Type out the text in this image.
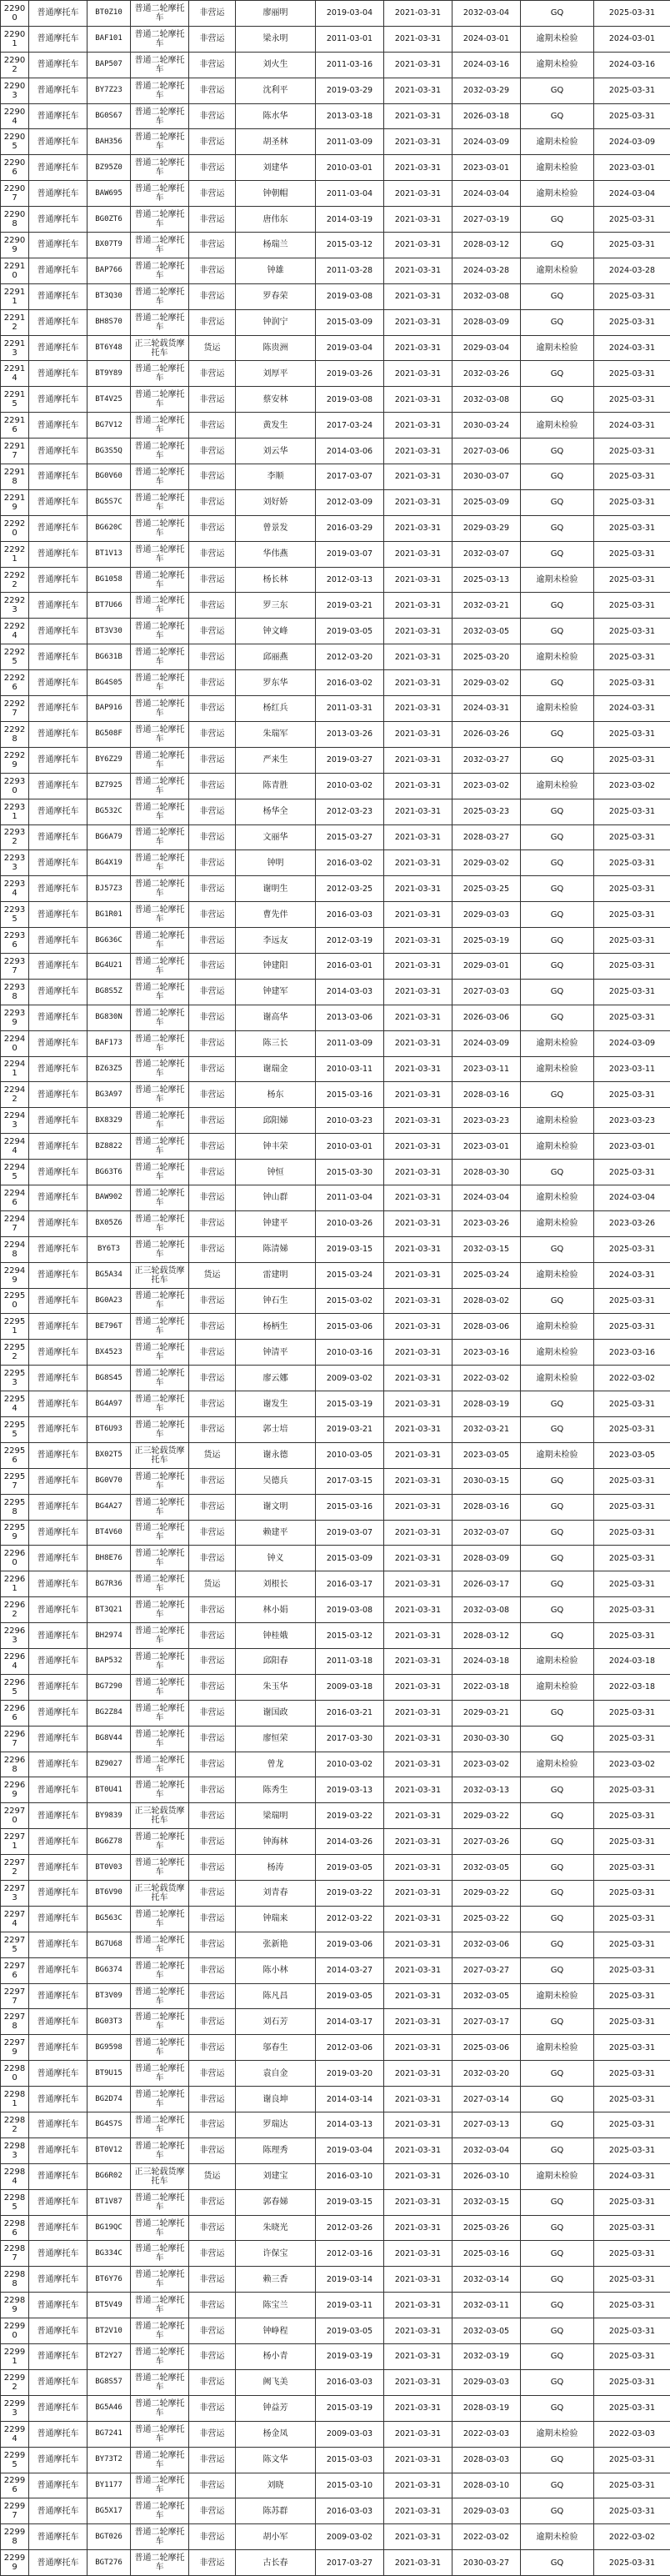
22900	普通摩托车	BT0Z10	普通二轮摩托车	非营运	廖丽明	2019-03-04	2021-03-31	2032-03-04	GQ	2025-03-31
22901	普通摩托车	BAF101	普通二轮摩托车	非营运	梁永明	2011-03-01	2021-03-31	2024-03-01	逾期未检验	2024-03-01
22902	普通摩托车	BAP507	普通二轮摩托车	非营运	刘火生	2011-03-16	2021-03-31	2024-03-16	逾期未检验	2024-03-16
22903	普通摩托车	BY7Z23	普通二轮摩托车	非营运	沈利平	2019-03-29	2021-03-31	2032-03-29	GQ	2025-03-31
22904	普通摩托车	BG0S67	普通二轮摩托车	非营运	陈水华	2013-03-18	2021-03-31	2026-03-18	GQ	2025-03-31
22905	普通摩托车	BAH356	普通二轮摩托车	非营运	胡圣林	2011-03-09	2021-03-31	2024-03-09	逾期未检验	2024-03-09
22906	普通摩托车	BZ95Z0	普通二轮摩托车	非营运	刘建华	2010-03-01	2021-03-31	2023-03-01	逾期未检验	2023-03-01
22907	普通摩托车	BAW695	普通二轮摩托车	非营运	钟朝帽	2011-03-04	2021-03-31	2024-03-04	逾期未检验	2024-03-04
22908	普通摩托车	BG0ZT6	普通二轮摩托车	非营运	唐伟东	2014-03-19	2021-03-31	2027-03-19	GQ	2025-03-31
22909	普通摩托车	BX07T9	普通二轮摩托车	非营运	杨瑞兰	2015-03-12	2021-03-31	2028-03-12	GQ	2025-03-31
22910	普通摩托车	BAP766	普通二轮摩托车	非营运	钟雄	2011-03-28	2021-03-31	2024-03-28	逾期未检验	2024-03-28
22911	普通摩托车	BT3Q30	普通二轮摩托车	非营运	罗春荣	2019-03-08	2021-03-31	2032-03-08	GQ	2025-03-31
22912	普通摩托车	BH8S70	普通二轮摩托车	非营运	钟润宁	2015-03-09	2021-03-31	2028-03-09	GQ	2025-03-31
22913	普通摩托车	BT6Y48	正三轮载货摩托车	货运	陈贵洲	2019-03-04	2021-03-31	2029-03-04	逾期未检验	2024-03-31
22914	普通摩托车	BT9Y89	普通二轮摩托车	非营运	刘厚平	2019-03-26	2021-03-31	2032-03-26	GQ	2025-03-31
22915	普通摩托车	BT4V25	普通二轮摩托车	非营运	蔡安林	2019-03-08	2021-03-31	2032-03-08	GQ	2025-03-31
22916	普通摩托车	BG7V12	普通二轮摩托车	非营运	黄发生	2017-03-24	2021-03-31	2030-03-24	逾期未检验	2024-03-31
22917	普通摩托车	BG3S5Q	普通二轮摩托车	非营运	刘云华	2014-03-06	2021-03-31	2027-03-06	GQ	2025-03-31
22918	普通摩托车	BG0V60	普通二轮摩托车	非营运	李顺	2017-03-07	2021-03-31	2030-03-07	GQ	2025-03-31
22919	普通摩托车	BG5S7C	普通二轮摩托车	非营运	刘好娇	2012-03-09	2021-03-31	2025-03-09	GQ	2025-03-31
22920	普通摩托车	BG620C	普通二轮摩托车	非营运	曾景发	2016-03-29	2021-03-31	2029-03-29	GQ	2025-03-31
22921	普通摩托车	BT1V13	普通二轮摩托车	非营运	华伟燕	2019-03-07	2021-03-31	2032-03-07	GQ	2025-03-31
22922	普通摩托车	BG1058	普通二轮摩托车	非营运	杨长林	2012-03-13	2021-03-31	2025-03-13	逾期未检验	2025-03-31
22923	普通摩托车	BT7U66	普通二轮摩托车	非营运	罗三东	2019-03-21	2021-03-31	2032-03-21	GQ	2025-03-31
22924	普通摩托车	BT3V30	普通二轮摩托车	非营运	钟文峰	2019-03-05	2021-03-31	2032-03-05	GQ	2025-03-31
22925	普通摩托车	BG631B	普通二轮摩托车	非营运	邱丽燕	2012-03-20	2021-03-31	2025-03-20	逾期未检验	2025-03-31
22926	普通摩托车	BG4S05	普通二轮摩托车	非营运	罗东华	2016-03-02	2021-03-31	2029-03-02	GQ	2025-03-31
22927	普通摩托车	BAP916	普通二轮摩托车	非营运	杨红兵	2011-03-31	2021-03-31	2024-03-31	逾期未检验	2024-03-31
22928	普通摩托车	BG508F	普通二轮摩托车	非营运	朱瑞军	2013-03-26	2021-03-31	2026-03-26	GQ	2025-03-31
22929	普通摩托车	BY6Z29	普通二轮摩托车	非营运	严来生	2019-03-27	2021-03-31	2032-03-27	GQ	2025-03-31
22930	普通摩托车	BZ7925	普通二轮摩托车	非营运	陈青胜	2010-03-02	2021-03-31	2023-03-02	逾期未检验	2023-03-02
22931	普通摩托车	BG532C	普通二轮摩托车	非营运	杨华全	2012-03-23	2021-03-31	2025-03-23	GQ	2025-03-31
22932	普通摩托车	BG6A79	普通二轮摩托车	非营运	文丽华	2015-03-27	2021-03-31	2028-03-27	GQ	2025-03-31
22933	普通摩托车	BG4X19	普通二轮摩托车	非营运	钟明	2016-03-02	2021-03-31	2029-03-02	GQ	2025-03-31
22934	普通摩托车	BJ57Z3	普通二轮摩托车	非营运	谢明生	2012-03-25	2021-03-31	2025-03-25	GQ	2025-03-31
22935	普通摩托车	BG1R01	普通二轮摩托车	非营运	曹先伴	2016-03-03	2021-03-31	2029-03-03	GQ	2025-03-31
22936	普通摩托车	BG636C	普通二轮摩托车	非营运	李远友	2012-03-19	2021-03-31	2025-03-19	GQ	2025-03-31
22937	普通摩托车	BG4U21	普通二轮摩托车	非营运	钟建阳	2016-03-01	2021-03-31	2029-03-01	GQ	2025-03-31
22938	普通摩托车	BG8S5Z	普通二轮摩托车	非营运	钟建军	2014-03-03	2021-03-31	2027-03-03	GQ	2025-03-31
22939	普通摩托车	BG830N	普通二轮摩托车	非营运	谢高华	2013-03-06	2021-03-31	2026-03-06	GQ	2025-03-31
22940	普通摩托车	BAF173	普通二轮摩托车	非营运	陈三长	2011-03-09	2021-03-31	2024-03-09	逾期未检验	2024-03-09
22941	普通摩托车	BZ63Z5	普通二轮摩托车	非营运	谢瑞金	2010-03-11	2021-03-31	2023-03-11	逾期未检验	2023-03-11
22942	普通摩托车	BG3A97	普通二轮摩托车	非营运	杨东	2015-03-16	2021-03-31	2028-03-16	GQ	2025-03-31
22943	普通摩托车	BX8329	普通二轮摩托车	非营运	邱阳娣	2010-03-23	2021-03-31	2023-03-23	逾期未检验	2023-03-23
22944	普通摩托车	BZ8822	普通二轮摩托车	非营运	钟丰荣	2010-03-01	2021-03-31	2023-03-01	逾期未检验	2023-03-01
22945	普通摩托车	BG63T6	普通二轮摩托车	非营运	钟恒	2015-03-30	2021-03-31	2028-03-30	GQ	2025-03-31
22946	普通摩托车	BAW902	普通二轮摩托车	非营运	钟山群	2011-03-04	2021-03-31	2024-03-04	逾期未检验	2024-03-04
22947	普通摩托车	BX05Z6	普通二轮摩托车	非营运	钟建平	2010-03-26	2021-03-31	2023-03-26	逾期未检验	2023-03-26
22948	普通摩托车	BY6T3	普通二轮摩托车	非营运	陈清娣	2019-03-15	2021-03-31	2032-03-15	GQ	2025-03-31
22949	普通摩托车	BG5A34	正三轮载货摩托车	货运	雷建明	2015-03-24	2021-03-31	2025-03-24	逾期未检验	2024-03-31
22950	普通摩托车	BG0A23	普通二轮摩托车	非营运	钟石生	2015-03-02	2021-03-31	2028-03-02	GQ	2025-03-31
22951	普通摩托车	BE796T	普通二轮摩托车	非营运	杨柄生	2015-03-06	2021-03-31	2028-03-06	逾期未检验	2025-03-31
22952	普通摩托车	BX4523	普通二轮摩托车	非营运	钟清平	2010-03-16	2021-03-31	2023-03-16	逾期未检验	2023-03-16
22953	普通摩托车	BG8S45	普通二轮摩托车	非营运	廖云娜	2009-03-02	2021-03-31	2022-03-02	逾期未检验	2022-03-02
22954	普通摩托车	BG4A97	普通二轮摩托车	非营运	谢发生	2015-03-19	2021-03-31	2028-03-19	GQ	2025-03-31
22955	普通摩托车	BT6U93	普通二轮摩托车	非营运	郭士培	2019-03-21	2021-03-31	2032-03-21	GQ	2025-03-31
22956	普通摩托车	BX02T5	正三轮载货摩托车	货运	谢永德	2010-03-05	2021-03-31	2023-03-05	逾期未检验	2023-03-05
22957	普通摩托车	BG0V70	普通二轮摩托车	非营运	吴德兵	2017-03-15	2021-03-31	2030-03-15	GQ	2025-03-31
22958	普通摩托车	BG4A27	普通二轮摩托车	非营运	谢文明	2015-03-16	2021-03-31	2028-03-16	GQ	2025-03-31
22959	普通摩托车	BT4V60	普通二轮摩托车	非营运	赖建平	2019-03-07	2021-03-31	2032-03-07	GQ	2025-03-31
22960	普通摩托车	BH8E76	普通二轮摩托车	非营运	钟义	2015-03-09	2021-03-31	2028-03-09	GQ	2025-03-31
22961	普通摩托车	BG7R36	普通二轮摩托车	货运	刘根长	2016-03-17	2021-03-31	2026-03-17	GQ	2025-03-31
22962	普通摩托车	BT3Q21	普通二轮摩托车	非营运	林小娟	2019-03-08	2021-03-31	2032-03-08	GQ	2025-03-31
22963	普通摩托车	BH2974	普通二轮摩托车	非营运	钟桂娥	2015-03-12	2021-03-31	2028-03-12	GQ	2025-03-31
22964	普通摩托车	BAP532	普通二轮摩托车	非营运	邱阳春	2011-03-18	2021-03-31	2024-03-18	逾期未检验	2024-03-18
22965	普通摩托车	BG7290	普通二轮摩托车	非营运	朱玉华	2009-03-18	2021-03-31	2022-03-18	逾期未检验	2022-03-18
22966	普通摩托车	BG2Z84	普通二轮摩托车	非营运	谢国政	2016-03-21	2021-03-31	2029-03-21	GQ	2025-03-31
22967	普通摩托车	BG8V44	普通二轮摩托车	非营运	廖恒荣	2017-03-30	2021-03-31	2030-03-30	GQ	2025-03-31
22968	普通摩托车	BZ9027	普通二轮摩托车	非营运	曾龙	2010-03-02	2021-03-31	2023-03-02	逾期未检验	2023-03-02
22969	普通摩托车	BT0U41	普通二轮摩托车	非营运	陈秀生	2019-03-13	2021-03-31	2032-03-13	GQ	2025-03-31
22970	普通摩托车	BY9839	正三轮载货摩托车	非营运	梁瑞明	2019-03-22	2021-03-31	2029-03-22	GQ	2025-03-31
22971	普通摩托车	BG6Z78	普通二轮摩托车	非营运	钟海林	2014-03-26	2021-03-31	2027-03-26	GQ	2025-03-31
22972	普通摩托车	BT0V03	普通二轮摩托车	非营运	杨涛	2019-03-05	2021-03-31	2032-03-05	GQ	2025-03-31
22973	普通摩托车	BT6V90	正三轮载货摩托车	非营运	刘青春	2019-03-22	2021-03-31	2029-03-22	GQ	2025-03-31
22974	普通摩托车	BG563C	普通二轮摩托车	非营运	钟瑞来	2012-03-22	2021-03-31	2025-03-22	GQ	2025-03-31
22975	普通摩托车	BG7U68	普通二轮摩托车	非营运	张新艳	2019-03-06	2021-03-31	2032-03-06	GQ	2025-03-31
22976	普通摩托车	BG6374	普通二轮摩托车	非营运	陈小林	2014-03-27	2021-03-31	2027-03-27	GQ	2025-03-31
22977	普通摩托车	BT3V09	普通二轮摩托车	非营运	陈凡昌	2019-03-05	2021-03-31	2032-03-05	逾期未检验	2025-03-31
22978	普通摩托车	BG03T3	普通二轮摩托车	非营运	刘石芳	2014-03-17	2021-03-31	2027-03-17	GQ	2025-03-31
22979	普通摩托车	BG9598	普通二轮摩托车	非营运	邬春生	2012-03-06	2021-03-31	2025-03-06	逾期未检验	2025-03-31
22980	普通摩托车	BT9U15	普通二轮摩托车	非营运	袁自金	2019-03-20	2021-03-31	2032-03-20	GQ	2025-03-31
22981	普通摩托车	BG2D74	普通二轮摩托车	非营运	谢良坤	2014-03-14	2021-03-31	2027-03-14	GQ	2025-03-31
22982	普通摩托车	BG4S7S	普通二轮摩托车	非营运	罗瑞达	2014-03-13	2021-03-31	2027-03-13	GQ	2025-03-31
22983	普通摩托车	BT0V12	普通二轮摩托车	非营运	陈理秀	2019-03-04	2021-03-31	2032-03-04	GQ	2025-03-31
22984	普通摩托车	BG6R02	正三轮载货摩托车	货运	刘建宝	2016-03-10	2021-03-31	2026-03-10	逾期未检验	2024-03-31
22985	普通摩托车	BT1V87	普通二轮摩托车	非营运	郭春娣	2019-03-15	2021-03-31	2032-03-15	GQ	2025-03-31
22986	普通摩托车	BG19QC	普通二轮摩托车	非营运	朱晓光	2012-03-26	2021-03-31	2025-03-26	GQ	2025-03-31
22987	普通摩托车	BG334C	普通二轮摩托车	非营运	许保宝	2012-03-16	2021-03-31	2025-03-16	GQ	2025-03-31
22988	普通摩托车	BT6Y76	普通二轮摩托车	非营运	赖三香	2019-03-14	2021-03-31	2032-03-14	GQ	2025-03-31
22989	普通摩托车	BT5V49	普通二轮摩托车	非营运	陈宝兰	2019-03-11	2021-03-31	2032-03-11	GQ	2025-03-31
22990	普通摩托车	BT2V10	普通二轮摩托车	非营运	钟峥程	2019-03-05	2021-03-31	2032-03-05	GQ	2025-03-31
22991	普通摩托车	BT2Y27	普通二轮摩托车	非营运	杨小青	2019-03-19	2021-03-31	2032-03-19	GQ	2025-03-31
22992	普通摩托车	BG8S57	普通二轮摩托车	非营运	阙飞美	2016-03-03	2021-03-31	2029-03-03	GQ	2025-03-31
22993	普通摩托车	BG5A46	普通二轮摩托车	非营运	钟益芳	2015-03-19	2021-03-31	2028-03-19	GQ	2025-03-31
22994	普通摩托车	BG7241	普通二轮摩托车	非营运	杨金凤	2009-03-03	2021-03-31	2022-03-03	逾期未检验	2022-03-03
22995	普通摩托车	BY73T2	普通二轮摩托车	非营运	陈文华	2015-03-03	2021-03-31	2028-03-03	GQ	2025-03-31
22996	普通摩托车	BY1177	普通二轮摩托车	非营运	刘晓	2015-03-10	2021-03-31	2028-03-10	GQ	2025-03-31
22997	普通摩托车	BG5X17	普通二轮摩托车	非营运	陈苏群	2016-03-03	2021-03-31	2029-03-03	GQ	2025-03-31
22998	普通摩托车	BGT026	普通二轮摩托车	非营运	胡小军	2009-03-02	2021-03-31	2022-03-02	逾期未检验	2022-03-02
22999	普通摩托车	BGT276	普通二轮摩托车	非营运	古长春	2017-03-27	2021-03-31	2030-03-27	GQ	2025-03-31
